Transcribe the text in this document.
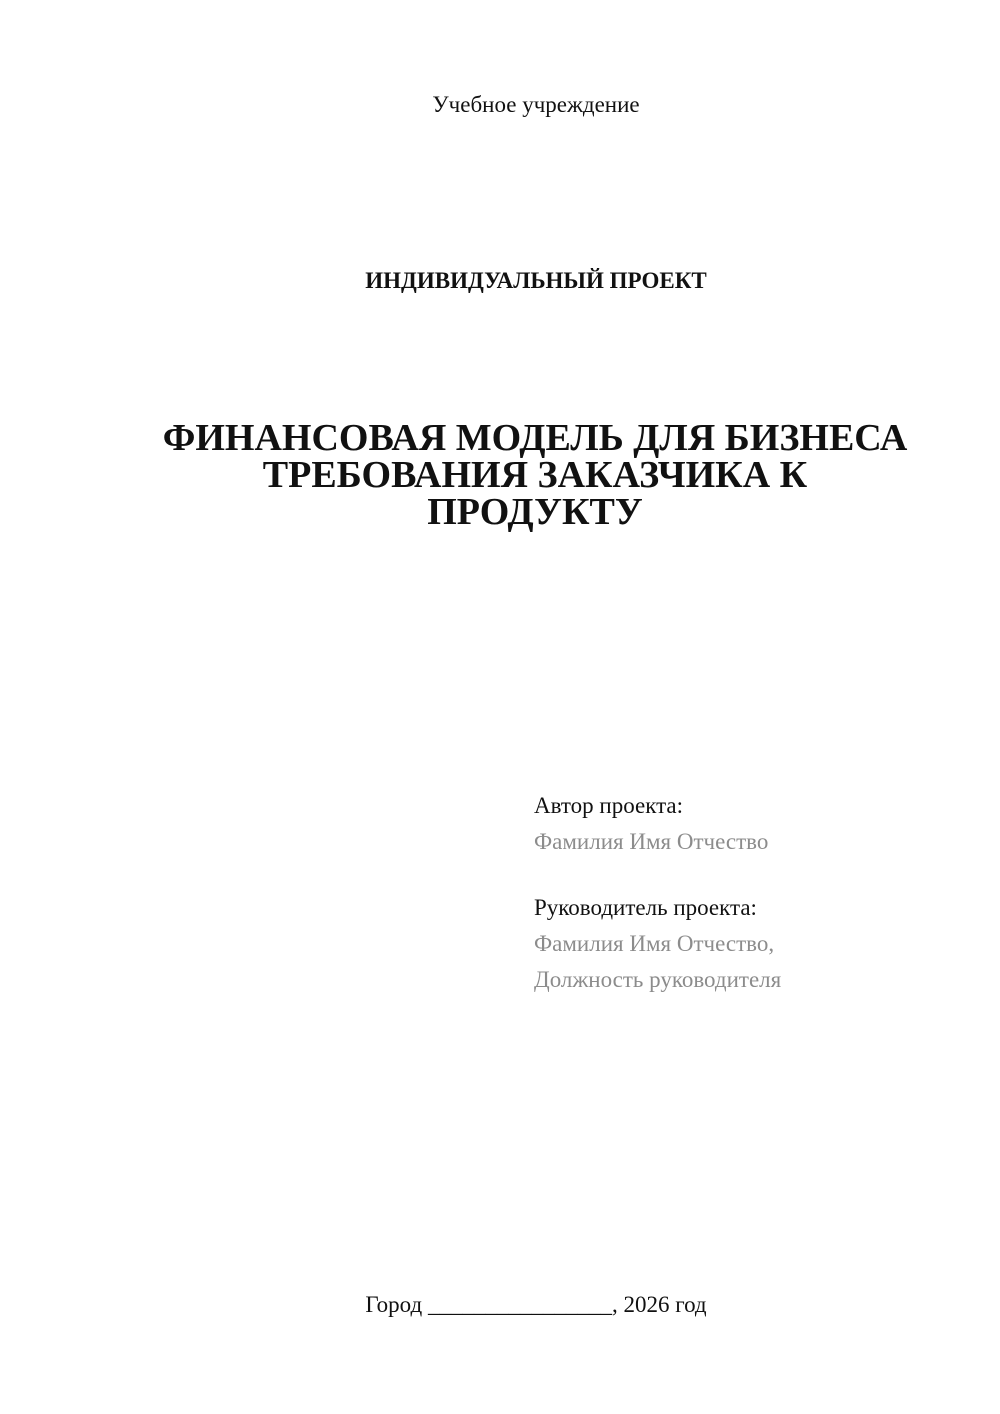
Учебное учреждение
ИНДИВИДУАЛЬНЫЙ ПРОЕКТ
ФИНАНСОВАЯ МОДЕЛЬ ДЛЯ БИЗНЕСА
ТРЕБОВАНИЯ ЗАКАЗЧИКА К
ПРОДУКТУ
Автор проекта:
Фамилия Имя Отчество
Руководитель проекта:
Фамилия Имя Отчество,
Должность руководителя
Город ________________, 2026 год
